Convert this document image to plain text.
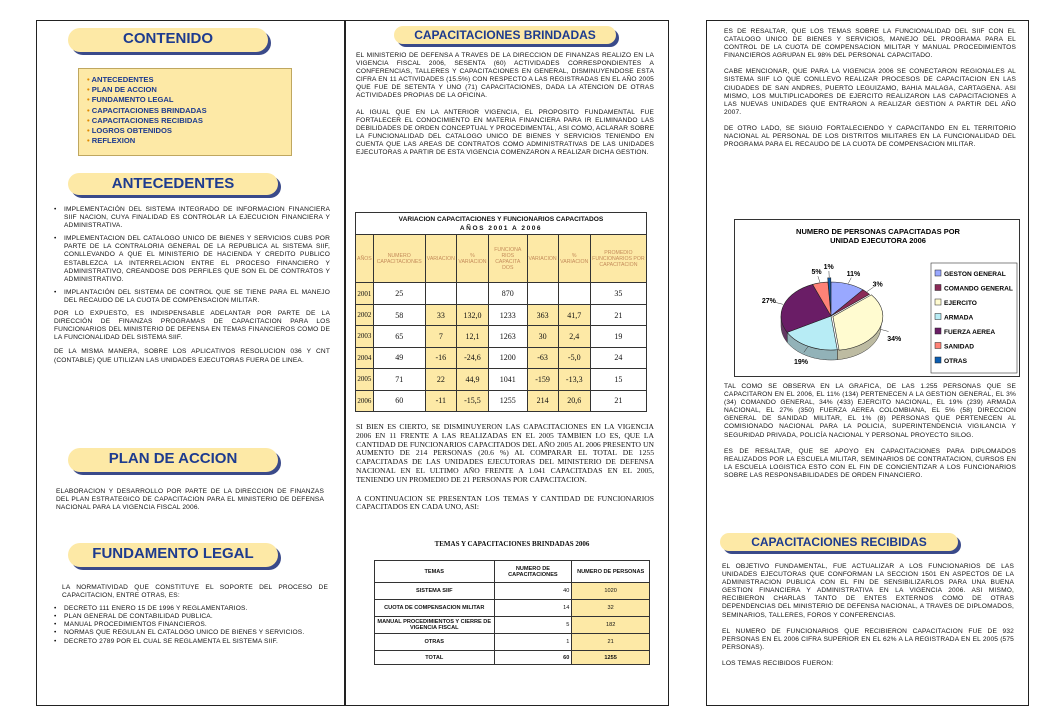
CONTENIDO
• ANTECEDENTES
• PLAN DE ACCION
• FUNDAMENTO LEGAL
• CAPACITACIONES BRINDADAS
• CAPACITACIONES RECIBIDAS
• LOGROS OBTENIDOS
• REFLEXION
ANTECEDENTES
• IMPLEMENTACIÓN DEL SISTEMA INTEGRADO DE INFORMACION FINANCIERA SIIF NACION, CUYA FINALIDAD ES CONTROLAR LA EJECUCION FINANCIERA Y ADMINISTRATIVA.
• IMPLEMENTACION DEL CATALOGO UNICO DE BIENES Y SERVICIOS CUBS POR PARTE DE LA CONTRALORIA GENERAL DE LA REPUBLICA AL SISTEMA SIIF, CONLLEVANDO A QUE EL MINISTERIO DE HACIENDA Y CREDITO PUBLICO ESTABLEZCA LA INTERRELACION ENTRE EL PROCESO FINANCIERO Y ADMINISTRATIVO, CREANDOSE DOS PERFILES QUE SON EL DE CONTRATOS Y ADMINISTRATIVO.
• IMPLANTACIÓN DEL SISTEMA DE CONTROL QUE SE TIENE PARA EL MANEJO DEL RECAUDO DE LA CUOTA DE COMPENSACION MILITAR.

POR LO EXPUESTO, ES INDISPENSABLE ADELANTAR POR PARTE DE LA DIRECCIÓN DE FINANZAS PROGRAMAS DE CAPACITACION PARA LOS FUNCIONARIOS DEL MINISTERIO DE DEFENSA EN TEMAS FINANCIEROS COMO DE LA FUNCIONALIDAD DEL SISTEMA SIIF.

DE LA MISMA MANERA, SOBRE LOS APLICATIVOS RESOLUCION 036 Y CNT (CONTABLE) QUE UTILIZAN LAS UNIDADES EJECUTORAS FUERA DE LINEA.

PLAN DE ACCION
ELABORACION Y DESARROLLO POR PARTE DE LA DIRECCION DE FINANZAS DEL PLAN ESTRATEGICO DE CAPACITACION PARA EL MINISTERIO DE DEFENSA NACIONAL PARA LA VIGENCIA FISCAL 2006.
FUNDAMENTO LEGAL

LA NORMATIVIDAD QUE CONSTITUYE EL SOPORTE DEL PROCESO DE CAPACITACION, ENTRE OTRAS, ES:

• DECRETO 111 ENERO 15 DE 1996 Y REGLAMENTARIOS.
• PLAN GENERAL DE CONTABILIDAD PUBLICA.
• MANUAL PROCEDIMIENTOS FINANCIEROS.
• NORMAS QUE REGULAN EL CATALOGO UNICO DE BIENES Y SERVICIOS.
• DECRETO 2789 POR EL CUAL SE REGLAMENTA EL SISTEMA SIIF.
CAPACITACIONES BRINDADAS

EL MINISTERIO DE DEFENSA A TRAVES DE LA DIRECCION DE FINANZAS REALIZO EN LA VIGENCIA FISCAL 2006, SESENTA (60) ACTIVIDADES CORRESPONDIENTES A CONFERENCIAS, TALLERES Y CAPACITACIONES EN GENERAL, DISMINUYENDOSE ESTA CIFRA EN 11 ACTIVIDADES (15.5%) CON RESPECTO A LAS REGISTRADAS EN EL AÑO 2005 QUE FUE DE SETENTA Y UNO (71) CAPACITACIONES, DADA LA ATENCION DE OTRAS ACTIVIDADES PROPIAS DE LA OFICINA.

AL IGUAL QUE EN LA ANTERIOR VIGENCIA, EL PROPOSITO FUNDAMENTAL FUE FORTALECER EL CONOCIMIENTO EN MATERIA FINANCIERA PARA IR ELIMINANDO LAS DEBILIDADES DE ORDEN CONCEPTUAL Y PROCEDIMENTAL, ASI COMO, ACLARAR SOBRE LA FUNCIONALIDAD DEL CATALOGO UNICO DE BIENES Y SERVICIOS TENIENDO EN CUENTA QUE LAS AREAS DE CONTRATOS COMO ADMINISTRATIVAS DE LAS UNIDADES EJECUTORAS A PARTIR DE ESTA VIGENCIA COMENZARON A REALIZAR DICHA GESTION.

VARIACION CAPACITACIONES Y FUNCIONARIOS CAPACITADOS
AÑOS 2001 A 2006							

AÑOS	NUMERO CAPACITACIONES	VARIACION	% VARIACION	FUNCIONA RIOS CAPACITA DOS	VARIACION	% VARIACION	PROMEDIO FUNCIONARIOS POR CAPACITACION
2001	25			870			35
2002	58	33	132,0	1233	363	41,7	21
2003	65	7	12,1	1263	30	2,4	19
2004	49	-16	-24,6	1200	-63	-5,0	24
2005	71	22	44,9	1041	-159	-13,3	15
2006	60	-11	-15,5	1255	214	20,6	21

SI BIEN ES CIERTO, SE DISMINUYERON LAS CAPACITACIONES EN LA VIGENCIA 2006 EN 11 FRENTE A LAS REALIZADAS EN EL 2005 TAMBIEN LO ES, QUE LA CANTIDAD DE FUNCIONARIOS CAPACITADOS DEL AÑO 2005 AL 2006 PRESENTO UN AUMENTO DE 214 PERSONAS (20.6 %) AL COMPARAR EL TOTAL DE 1255 CAPACITADAS DE LAS UNIDADES EJECUTORAS DEL MINISTERIO DE DEFENSA NACIONAL EN EL ULTIMO AÑO FRENTE A 1.041 CAPACITADAS EN EL 2005, TENIENDO UN PROMEDIO DE 21 PERSONAS POR CAPACITACION.

A CONTINUACION SE PRESENTAN LOS TEMAS Y CANTIDAD DE FUNCIONARIOS CAPACITADOS EN CADA UNO, ASI:

TEMAS Y CAPACITACIONES BRINDADAS 2006
TEMAS	NUMERO DE CAPACITACIONES	NUMERO DE PERSONAS
SISTEMA SIIF	40	1020
CUOTA DE COMPENSACION MILITAR	14	32
MANUAL PROCEDIMIENTOS Y CIERRE DE VIGENCIA FISCAL	5	182
OTRAS	1	21
TOTAL	60	1255

ES DE RESALTAR, QUE LOS TEMAS SOBRE LA FUNCIONALIDAD DEL SIIF CON EL CATALOGO UNICO DE BIENES Y SERVICIOS, MANEJO DEL PROGRAMA PARA EL CONTROL DE LA CUOTA DE COMPENSACION MILITAR Y MANUAL PROCEDIMIENTOS FINANCIEROS AGRUPAN EL 98% DEL PERSONAL CAPACITADO.

CABE MENCIONAR, QUE PARA LA VIGENCIA 2006 SE CONECTARON REGIONALES AL SISTEMA SIIF LO QUE CONLLEVO REALIZAR PROCESOS DE CAPACITACION EN LAS CIUDADES DE SAN ANDRES, PUERTO LEGUIZAMO, BAHIA MALAGA, CARTAGENA. ASI MISMO, LOS MULTIPLICADORES DE EJERCITO REALIZARON LAS CAPACITACIONES A LAS NUEVAS UNIDADES QUE ENTRARON A REALIZAR GESTION A PARTIR DEL AÑO 2007.

DE OTRO LADO, SE SIGUIO FORTALECIENDO Y CAPACITANDO EN EL TERRITORIO NACIONAL AL PERSONAL DE LOS DISTRITOS MILITARES EN LA FUNCIONALIDAD DEL PROGRAMA PARA EL RECAUDO DE LA CUOTA DE COMPENSACION MILITAR.

NUMERO DE PERSONAS CAPACITADAS POR
UNIDAD EJECUTORA 2006
11%
3%
34%
19%
27%
5%
1%
GESTON GENERAL
COMANDO GENERAL
EJERCITO
ARMADA
FUERZA AEREA
SANIDAD
OTRAS

TAL COMO SE OBSERVA EN LA GRAFICA, DE LAS 1.255 PERSONAS QUE SE CAPACITARON EN EL 2006, EL 11% (134) PERTENECEN A LA GESTION GENERAL, EL 3% (34) COMANDO GENERAL, 34% (433) EJERCITO NACIONAL, EL 19% (239) ARMADA NACIONAL, EL 27% (350) FUERZA AEREA COLOMBIANA, EL 5% (58) DIRECCION GENERAL DE SANIDAD MILITAR, EL 1% (8) PERSONAS QUE PERTENECEN AL COMISIONADO NACIONAL PARA LA POLICIA, SUPERINTENDENCIA VIGILANCIA Y SEGURIDAD PRIVADA, POLICÍA NACIONAL Y PERSONAL PROYECTO SILOG.

ES DE RESALTAR, QUE SE APOYO EN CAPACITACIONES PARA DIPLOMADOS REALIZADOS POR LA ESCUELA MILITAR, SEMINARIOS DE CONTRATACION, CURSOS EN LA ESCUELA LOGISTICA ESTO CON EL FIN DE CONCIENTIZAR A LOS FUNCIONARIOS SOBRE LAS RESPONSABILIDADES DE ORDEN FINANCIERO.

CAPACITACIONES RECIBIDAS

EL OBJETIVO FUNDAMENTAL, FUE ACTUALIZAR A LOS FUNCIONARIOS DE LAS UNIDADES EJECUTORAS QUE CONFORMAN LA SECCION 1501 EN ASPECTOS DE LA ADMINISTRACION PUBLICA CON EL FIN DE SENSIBILIZARLOS PARA UNA BUENA GESTION FINANCIERA Y ADMINISTRATIVA EN LA VIGENCIA 2006. ASI MISMO, RECIBIERON CHARLAS TANTO DE ENTES EXTERNOS COMO DE OTRAS DEPENDENCIAS DEL MINISTERIO DE DEFENSA NACIONAL, A TRAVES DE DIPLOMADOS, SEMINARIOS, TALLERES, FOROS Y CONFERENCIAS.

EL NUMERO DE FUNCIONARIOS QUE RECIBIERON CAPACITACION FUE DE 932 PERSONAS EN EL 2006 CIFRA SUPERIOR EN EL 62% A LA REGISTRADA EN EL 2005 (575 PERSONAS).

LOS TEMAS RECIBIDOS FUERON:
